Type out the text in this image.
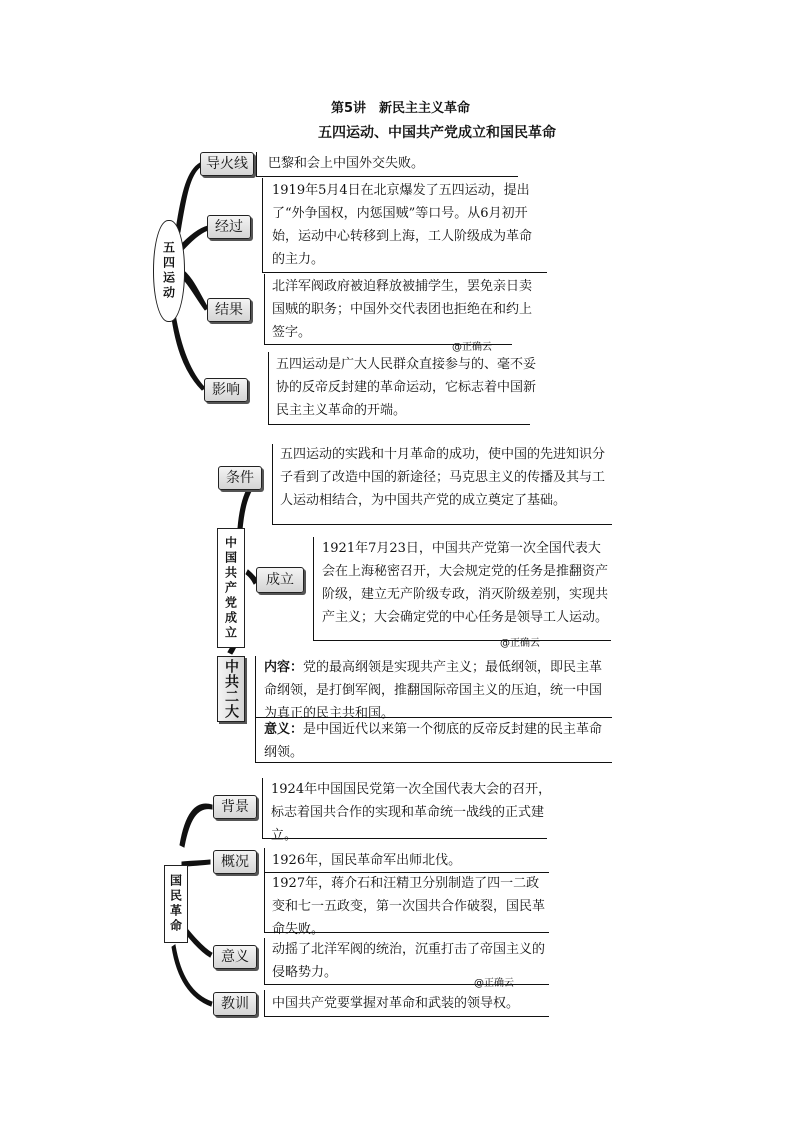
第5讲　新民主主义革命
五四运动、中国共产党成立和国民革命
五四运动
导火线	巴黎和会上中国外交失败。
经过
1919年5月4日在北京爆发了五四运动，提出了“外争国权，内惩国贼”等口号。从6月初开始，运动中心转移到上海，工人阶级成为革命的主力。
结果
北洋军阀政府被迫释放被捕学生，罢免亲日卖国贼的职务；中国外交代表团也拒绝在和约上签字。
@正确云
影响
五四运动是广大人民群众直接参与的、毫不妥协的反帝反封建的革命运动，它标志着中国新民主主义革命的开端。
条件
五四运动的实践和十月革命的成功，使中国的先进知识分子看到了改造中国的新途径；马克思主义的传播及其与工人运动相结合，为中国共产党的成立奠定了基础。
中国共产党成立	成立
1921年7月23日，中国共产党第一次全国代表大会在上海秘密召开，大会规定党的任务是推翻资产阶级，建立无产阶级专政，消灭阶级差别，实现共产主义；大会确定党的中心任务是领导工人运动。
@正确云
中共二大	内容：党的最高纲领是实现共产主义；最低纲领，即民主革命纲领，是打倒军阀，推翻国际帝国主义的压迫，统一中国为真正的民主共和国。
意义：是中国近代以来第一个彻底的反帝反封建的民主革命纲领。
国民革命
背景
1924年中国国民党第一次全国代表大会的召开，标志着国共合作的实现和革命统一战线的正式建立。
概况	1926年，国民革命军出师北伐。
1927年，蒋介石和汪精卫分别制造了四一二政变和七一五政变，第一次国共合作破裂，国民革命失败。
意义	动摇了北洋军阀的统治，沉重打击了帝国主义的侵略势力。
@正确云
教训	中国共产党要掌握对革命和武装的领导权。
